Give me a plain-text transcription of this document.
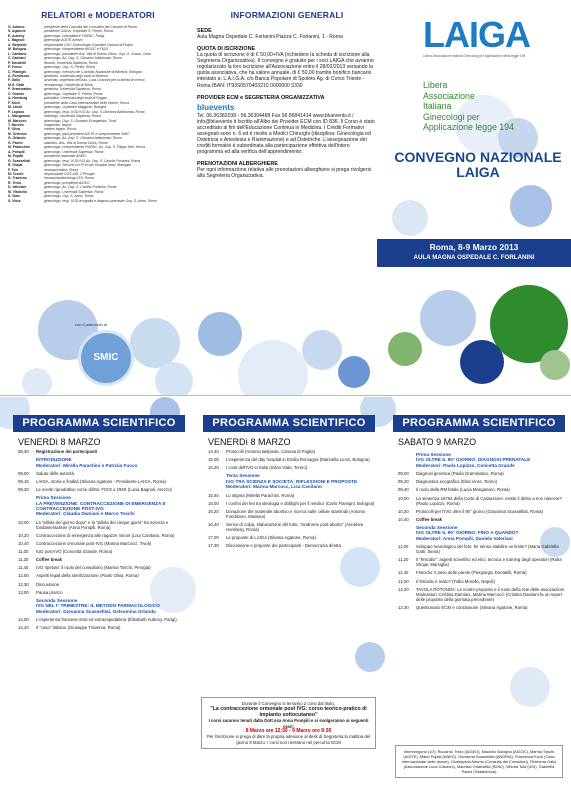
RELATORI e MODERATORI
G. Adorno	presidente della Consulta dei Consultori del Comune di Roma
S. Agatone	presidente LAIGA, Ospedale S. Pertini, Roma
E. Aubeny	ginecologo, cofondatrice FIAPAC, Parigi
L. Bagnoli	ginecologo AGITE Arezzo
A. Belpiede	responsabile UOC Ginecologia Ospedale Canosa di Puglia
M. Bologna	ginecologo, vicepresidente AIGOC e FIOG
L. Canitano	ginecologo, presidente Ass. Vita di Donna Onlus, Osp. G. Grassi, Ostia
C. Damiani	ginecologo, Az. Osp. S. Giovanni Addolorata, Roma
P. Donatelli	filosofo, Università Sapienza, Roma
P. Fucco	ginecologo, Osp. S. Pertini, Roma
C. Flamigni	ginecologo, membro del Comitato Nazionale di Bioetica, Bologna
A. Fondisoso	genetista, Università degli studi di Modena
F. Gallo	avvocato, segretario dell'Ass. Luca Coscioni per la libertà di ricerca
M.G. Gatti	neonatologo, Università di Siena
P. Grammatico	genetista, Università Sapienza, Roma
C. Grande	ginecologo, Ospedale S. Pertini, Roma
A. Homberg	psichiatra, Università degli studi di Foggia
F. Koch	presidente della Casa Internazionale delle Donne, Roma
M. Landi	ginecologo, Ospedale Maggiore, Bologna
P. Lopizzo	ginecologo, resp. UOD IVG Az. Osp. S.Giovanni Addolorata, Roma
L. Mangarano	radiologo, Università Sapienza, Roma
M. Marcocc	ginecologo, Osp. S. Giovanni Evangelista, Tivoli
T. Morello	magistrato, Napoli
F. Oliva	medico legale, Roma
M. Ortensio	ginecologo, past president AGITE e vicepresidente SMIC
G. Orlando	ginecologo, Az. Osp. S. Giovanni Addolorata, Roma
G. Pacini	statistico, Ass. Vita di Donna Onlus, Roma
M. Paracchini	ginecologo, vicepresidente FIAPAC, Az. Osp. S. Filippo Neri, Roma
A. Pompili	ginecologo, Università Sapienza, Roma
M. Pujatti	presidente nazionale ANED
G. Scassellati	ginecologo, resp. UOD IVG Az. Osp. S. Camillo Forlanini, Roma
R. Shejai	ginecologo, Servizio Du Pr Ecolic Hospital Nord, Marsiglia
F. Tole	neuropsichiatra, Roma
M. Toschi	responsabile UOS-ASL 2 Perugia
G. Traversa	farmacoepidemiologo ISS, Roma
R. Trivio	ginecologo, presidente AIGEO
D. Valeriani	ginecologo, Az. Osp. S. Camillo Forlanini, Roma
M. Vitobello	ginecologo, Università Sapienza, Roma
S. Viale	ginecologo, Osp. S. Anna, Torino
S. Viora	ginecologo, resp. UOD ecografia e diagnosi prenatale Osp. S. Anna, Torino
con il patrocinio di
SMIC
INFORMAZIONI GENERALI
SEDE
Aula Magna Ospedale C. Forlanini Piazza C. Forlanini, 1 - Roma
QUOTA DI ISCRIZIONE
La quota di iscrizione è di € 50,00+IVA (richiedere la scheda di iscrizione alla Segreteria Organizzativa). Il convegno è gratuito per i soci LAIGA che avranno regolarizzato la loro iscrizione all'Associazione entro il 28/02/2013 versando la quota associativa, che ha valore annuale, di € 50,00 tramite bonifico bancario intestato a: L.A.I.G.A. c/o Banca Popolare di Spoleto Ag. di Corso Trieste - Roma IBAN: IT93S0570403210 0000000 5330
PROVIDER ECM e SEGRETERIA ORGANIZZATIVA
bluevents
Tel. 06.36382038 - 06.36304489 Fax 06.96841414 www.bluevents.it / info@bluevents.it Iscritto all'Albo dei Provider ECM con ID 836. Il Corso è stato accreditato ai fini dell'Educazione Continua in Medicina. I Crediti Formativi assegnati sono n. 6 ed è rivolto a Medici Chirurghi (disciplina: Ginecologia ed Ostetricia e Anestesia e Rianimazione) e ad Ostetriche. L'assegnazione dei crediti formativi è subordinata alla partecipazione effettiva dell'intero programma ed alla verifica dell'apprendimento.
PRENOTAZIONI ALBERGHIERE
Per ogni informazione relativa alle prenotazioni alberghiere si prega rivolgersi alla Segreteria Organizzativa.
LAIGA
Libera Associazione Italiana Ginecologi per Applicazione della legge 194
Libera
Associazione
Italiana
Ginecologi per
Applicazione legge 194
CONVEGNO NAZIONALE LAIGA
Roma, 8-9 Marzo 2013
AULA MAGNA OSPEDALE C. FORLANINI
PROGRAMMA SCIENTIFICO	PROGRAMMA SCIENTIFICO	PROGRAMMA SCIENTIFICO
VENERDì 8 MARZO	VENERDì 8 MARZO	SABATO 9 MARZO
08,30	Registrazione dei partecipanti
INTRODUZIONE
Moderatori: Mirella Parachini e Patrizia Fucco
09,00	Saluto delle autorità
09,15	LAIGA, storia e finalità (Silvana Agatone - Presidente LAIGA, Roma)
09,30	Le scelte riproduttive come diritto: FIGO e OMS (Lucia Bagnoli, Arezzo)
Prima Sessione
LA PREVENZIONE: CONTRACCEZIONE DI EMERGENZA E CONTRACCEZIONE POST-IVG
Moderatori: Claudia Damiani e Marco Toschi
10,00	La "pillola del giorno dopo" e la "pillola dei cinque giorni" tra scienza e fondamentalismi (Anna Pompili, Roma)
10,20	Contraccezione di emergenza alle ragazze minori (Lisa Canitano, Roma)
10,40	Contraccezione ormonale post-IVG (Marina Marcoccì, Tivoli)
11,00	IUD post-IVG (Concetta Grande, Roma)
11,20	Coffee break
11,40	IVG ripetute: il ruolo del consultorio (Marina Toschi, Perugia)
12,00	Aspetti legali della sterilizzazione (Paolo Oliva, Roma)
12,30	Discussione
13,00	Pausa pranzo
Seconda Sessione
IVG NEL I° TRIMESTRE: IL METODO FARMACOLOGICO
Moderatori: Giovanna Scassellati, Gelsomina Orlando
14,00	L'esperienza francese intra ed extraospedaliera (Elisabeth Aubeny, Parigi)
14,20	Il "caso" italiano (Giuseppe Traversa, Roma)
14,40	Protocolli (Antonio Belpiede, Canosa di Puglia)
15,00	L'esperienza del day hospital in Emilia Romagna (Marinella Lenzi, Bologna)
15,20	I costi dell'IVG in Italia (Silvio Viale, Torino)
Terza Sessione
IVG TRA SCIENZA E SOCIETÀ: RIFLESSIONI E PROPOSTE
Moderatori: Marina Marcocc, Lisa Canitano
15,40	Lo stigma (Mirella Parachini, Roma)
16,00	I confini dei feti tra ideologia e obblighi per il medico (Carlo Flamigni, Bologna)
16,20	Donazione del materiale abortivo e ricerca sulle cellule staminali (Antonio Fondisoso, Modena)
16,40	Senso di colpa, elaborazione del lutto, "sindrome post-aborto" (Annelore Homberg, Roma)
17,00	Le proposte di LAIGA (Silvana Agatone, Roma)
17,30	Discussione e proposte dei partecipanti - Democrazia diretta
Prima Sessione
IVG OLTRE IL 90° GIORNO: DIAGNOSI PRENATALE
Moderatori: Paola Lopizzo, Concetta Grande
09,00	Diagnosi genetica (Paola Grammatico, Roma)
09,20	Diagnostica ecografica (Elsa Viora, Torino)
09,40	Il ruolo della RM fetale (Lucia Manganaro, Roma)
10,00	La sentenza 16754 della Corte di Cassazione: esiste il diritto a non nascere? (Paolo Lopizzo, Roma)
10,20	Protocolli per l'IVG oltre il 90° giorno (Giovanna Scassellati, Roma)
10,40	Coffee break
Seconda Sessione
IVG OLTRE IL 90° GIORNO: FINO A QUANDO?
Moderatori: Anna Pompili, Daniela Valeriani
11,00	Sviluppo neurologico del feto: fer senso stabilire un limite? (Maria Gabriella Gatti, Siena)
11,20	Il "feticidio": aspetti scientifici ed etici, tecnica e training degli operatori (Raha Shojai, Marsiglia)
11,40	Feticidio: il peso delle parole (Piergiorgio Donatelli, Roma)
12,00	Il feticidio è reato? (Tullio Morello, Napoli)
12,20	TAVOLA ROTONDA: Le nostre proposte e il ruolo della rete delle associazioni Moderatori: Cristina Damiani, Marina Marcoccì (Cristina Damiani fa un report delle proposte della giornata precedente)
13,30	Questionario ECM e conclusione (Silvana Agatone, Roma)
Durante il Convegno si terranno 2 corsi dal titolo:
"La contraccezione ormonale post IVG: corso teorico-pratico di impianto sottocutaneo"
I corsi saranno tenuti dalla Dott.ssa Anna Pompili e si svolgeranno ai seguenti orari:
8 Marzo ore 12:30 - 9 Marzo ore 8:30
Per l'iscrizione si prega di dare la propria adesione al desk di Segreteria la mattina del giorno 8 Marzo. I corsi non rientrano nel percorso ECM
Intervengono (10'): Riccardo Trivio (AIGEO), Maurizio Bologna (AIGOC), Marina Toschi (AGITE), Mario Pujatti (ANED), Giovanna Scassellati (ANDRIA), Francesca Koch (Casa Internazionale delle donne), Giuseppina Adorno (Consulta dei Consultori), Filomena Gallo (Associazione Luca Coscioni), Maurizio Orlandella (SMIC), Vittoria Tola (UDI), Gabriella Pacini (Vitadidonna)
